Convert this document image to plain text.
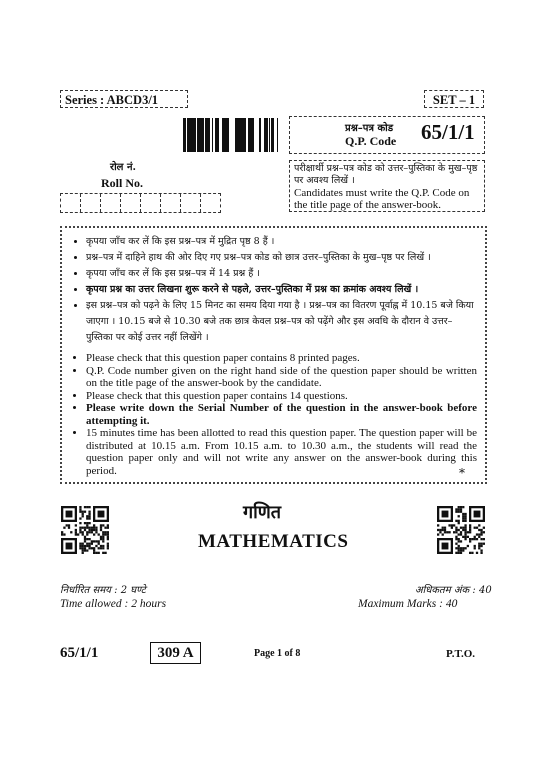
Series : ABCD3/1	SET – 1
प्रश्न–पत्र कोड
Q.P. Code 65/1/1
रोल नं.
Roll No.
परीक्षार्थी प्रश्न–पत्र कोड को उत्तर–पुस्तिका के मुख–पृष्ठ पर अवश्य लिखें ।
Candidates must write the Q.P. Code on the title page of the answer-book.
• कृपया जाँच कर लें कि इस प्रश्न–पत्र में मुद्रित पृष्ठ 8 हैं ।
• प्रश्न–पत्र में दाहिने हाथ की ओर दिए गए प्रश्न–पत्र कोड को छात्र उत्तर–पुस्तिका के मुख–पृष्ठ पर लिखें ।
• कृपया जाँच कर लें कि इस प्रश्न–पत्र में 14 प्रश्न हैं ।
• कृपया प्रश्न का उत्तर लिखना शुरू करने से पहले, उत्तर–पुस्तिका में प्रश्न का क्रमांक अवश्य लिखें ।
• इस प्रश्न–पत्र को पढ़ने के लिए 15 मिनट का समय दिया गया है । प्रश्न–पत्र का वितरण पूर्वाह्न में 10.15 बजे किया जाएगा । 10.15 बजे से 10.30 बजे तक छात्र केवल प्रश्न–पत्र को पढ़ेंगे और इस अवधि के दौरान वे उत्तर–पुस्तिका पर कोई उत्तर नहीं लिखेंगे ।
• Please check that this question paper contains 8 printed pages.
• Q.P. Code number given on the right hand side of the question paper should be written on the title page of the answer-book by the candidate.
• Please check that this question paper contains 14 questions.
• Please write down the Serial Number of the question in the answer-book before attempting it.
• 15 minutes time has been allotted to read this question paper. The question paper will be distributed at 10.15 a.m. From 10.15 a.m. to 10.30 a.m., the students will read the question paper only and will not write any answer on the answer-book during this period.	*
गणित
MATHEMATICS
निर्धारित समय : 2 घण्टे
Time allowed : 2 hours
अधिकतम अंक : 40
Maximum Marks : 40
65/1/1	309 A	Page 1 of 8	P.T.O.
